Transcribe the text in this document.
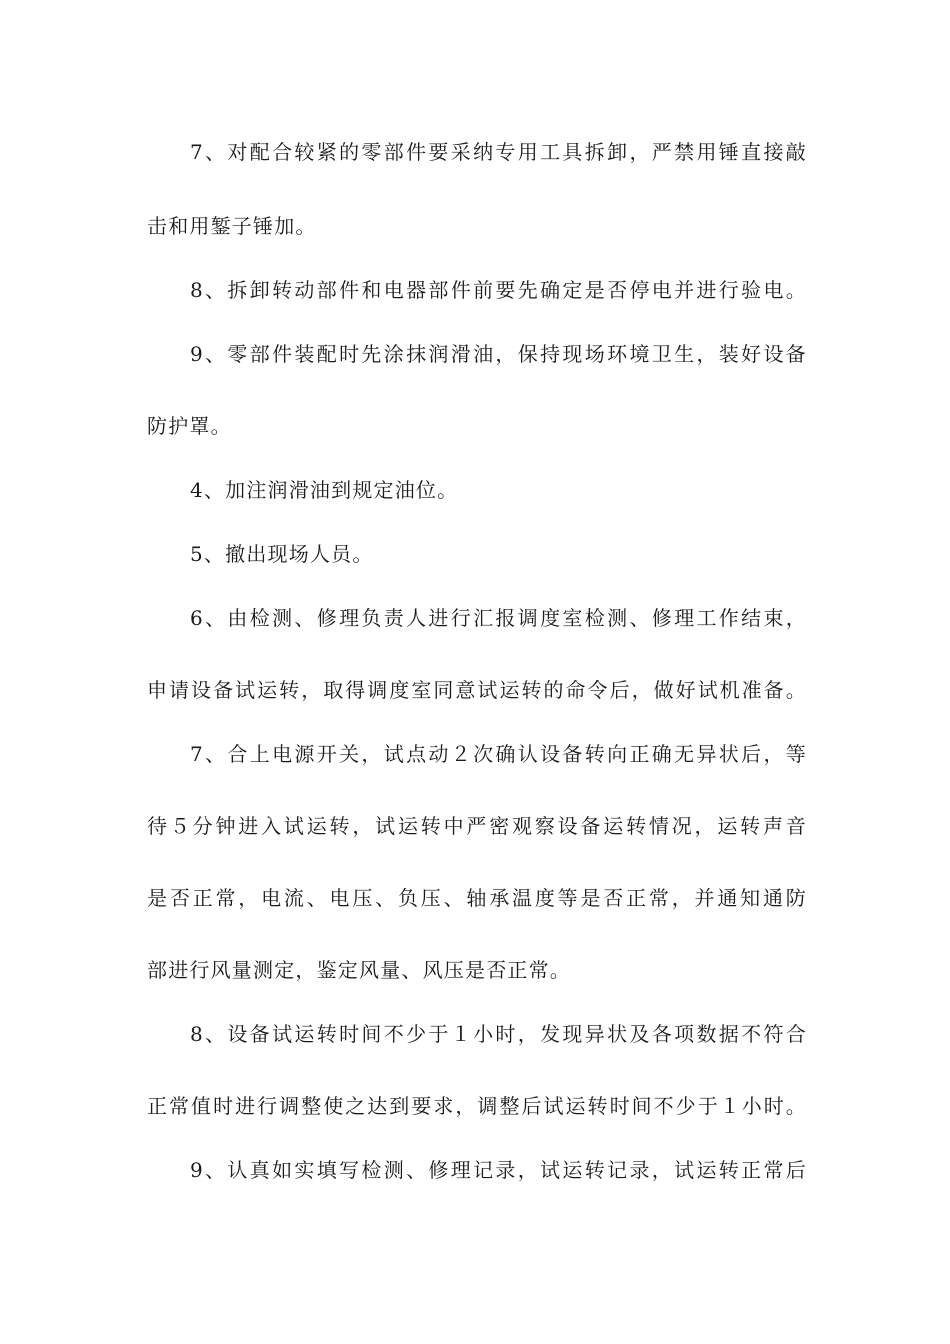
7、对配合较紧的零部件要采纳专用工具拆卸，严禁用锤直接敲
击和用錾子锤加。
8、拆卸转动部件和电器部件前要先确定是否停电并进行验电。
9、零部件装配时先涂抹润滑油，保持现场环境卫生，装好设备
防护罩。
4、加注润滑油到规定油位。
5、撤出现场人员。
6、由检测、修理负责人进行汇报调度室检测、修理工作结束，
申请设备试运转，取得调度室同意试运转的命令后，做好试机准备。
7、合上电源开关，试点动２次确认设备转向正确无异状后，等
待５分钟进入试运转，试运转中严密观察设备运转情况，运转声音
是否正常，电流、电压、负压、轴承温度等是否正常，并通知通防
部进行风量测定，鉴定风量、风压是否正常。
8、设备试运转时间不少于１小时，发现异状及各项数据不符合
正常值时进行调整使之达到要求，调整后试运转时间不少于１小时。
9、认真如实填写检测、修理记录，试运转记录，试运转正常后
